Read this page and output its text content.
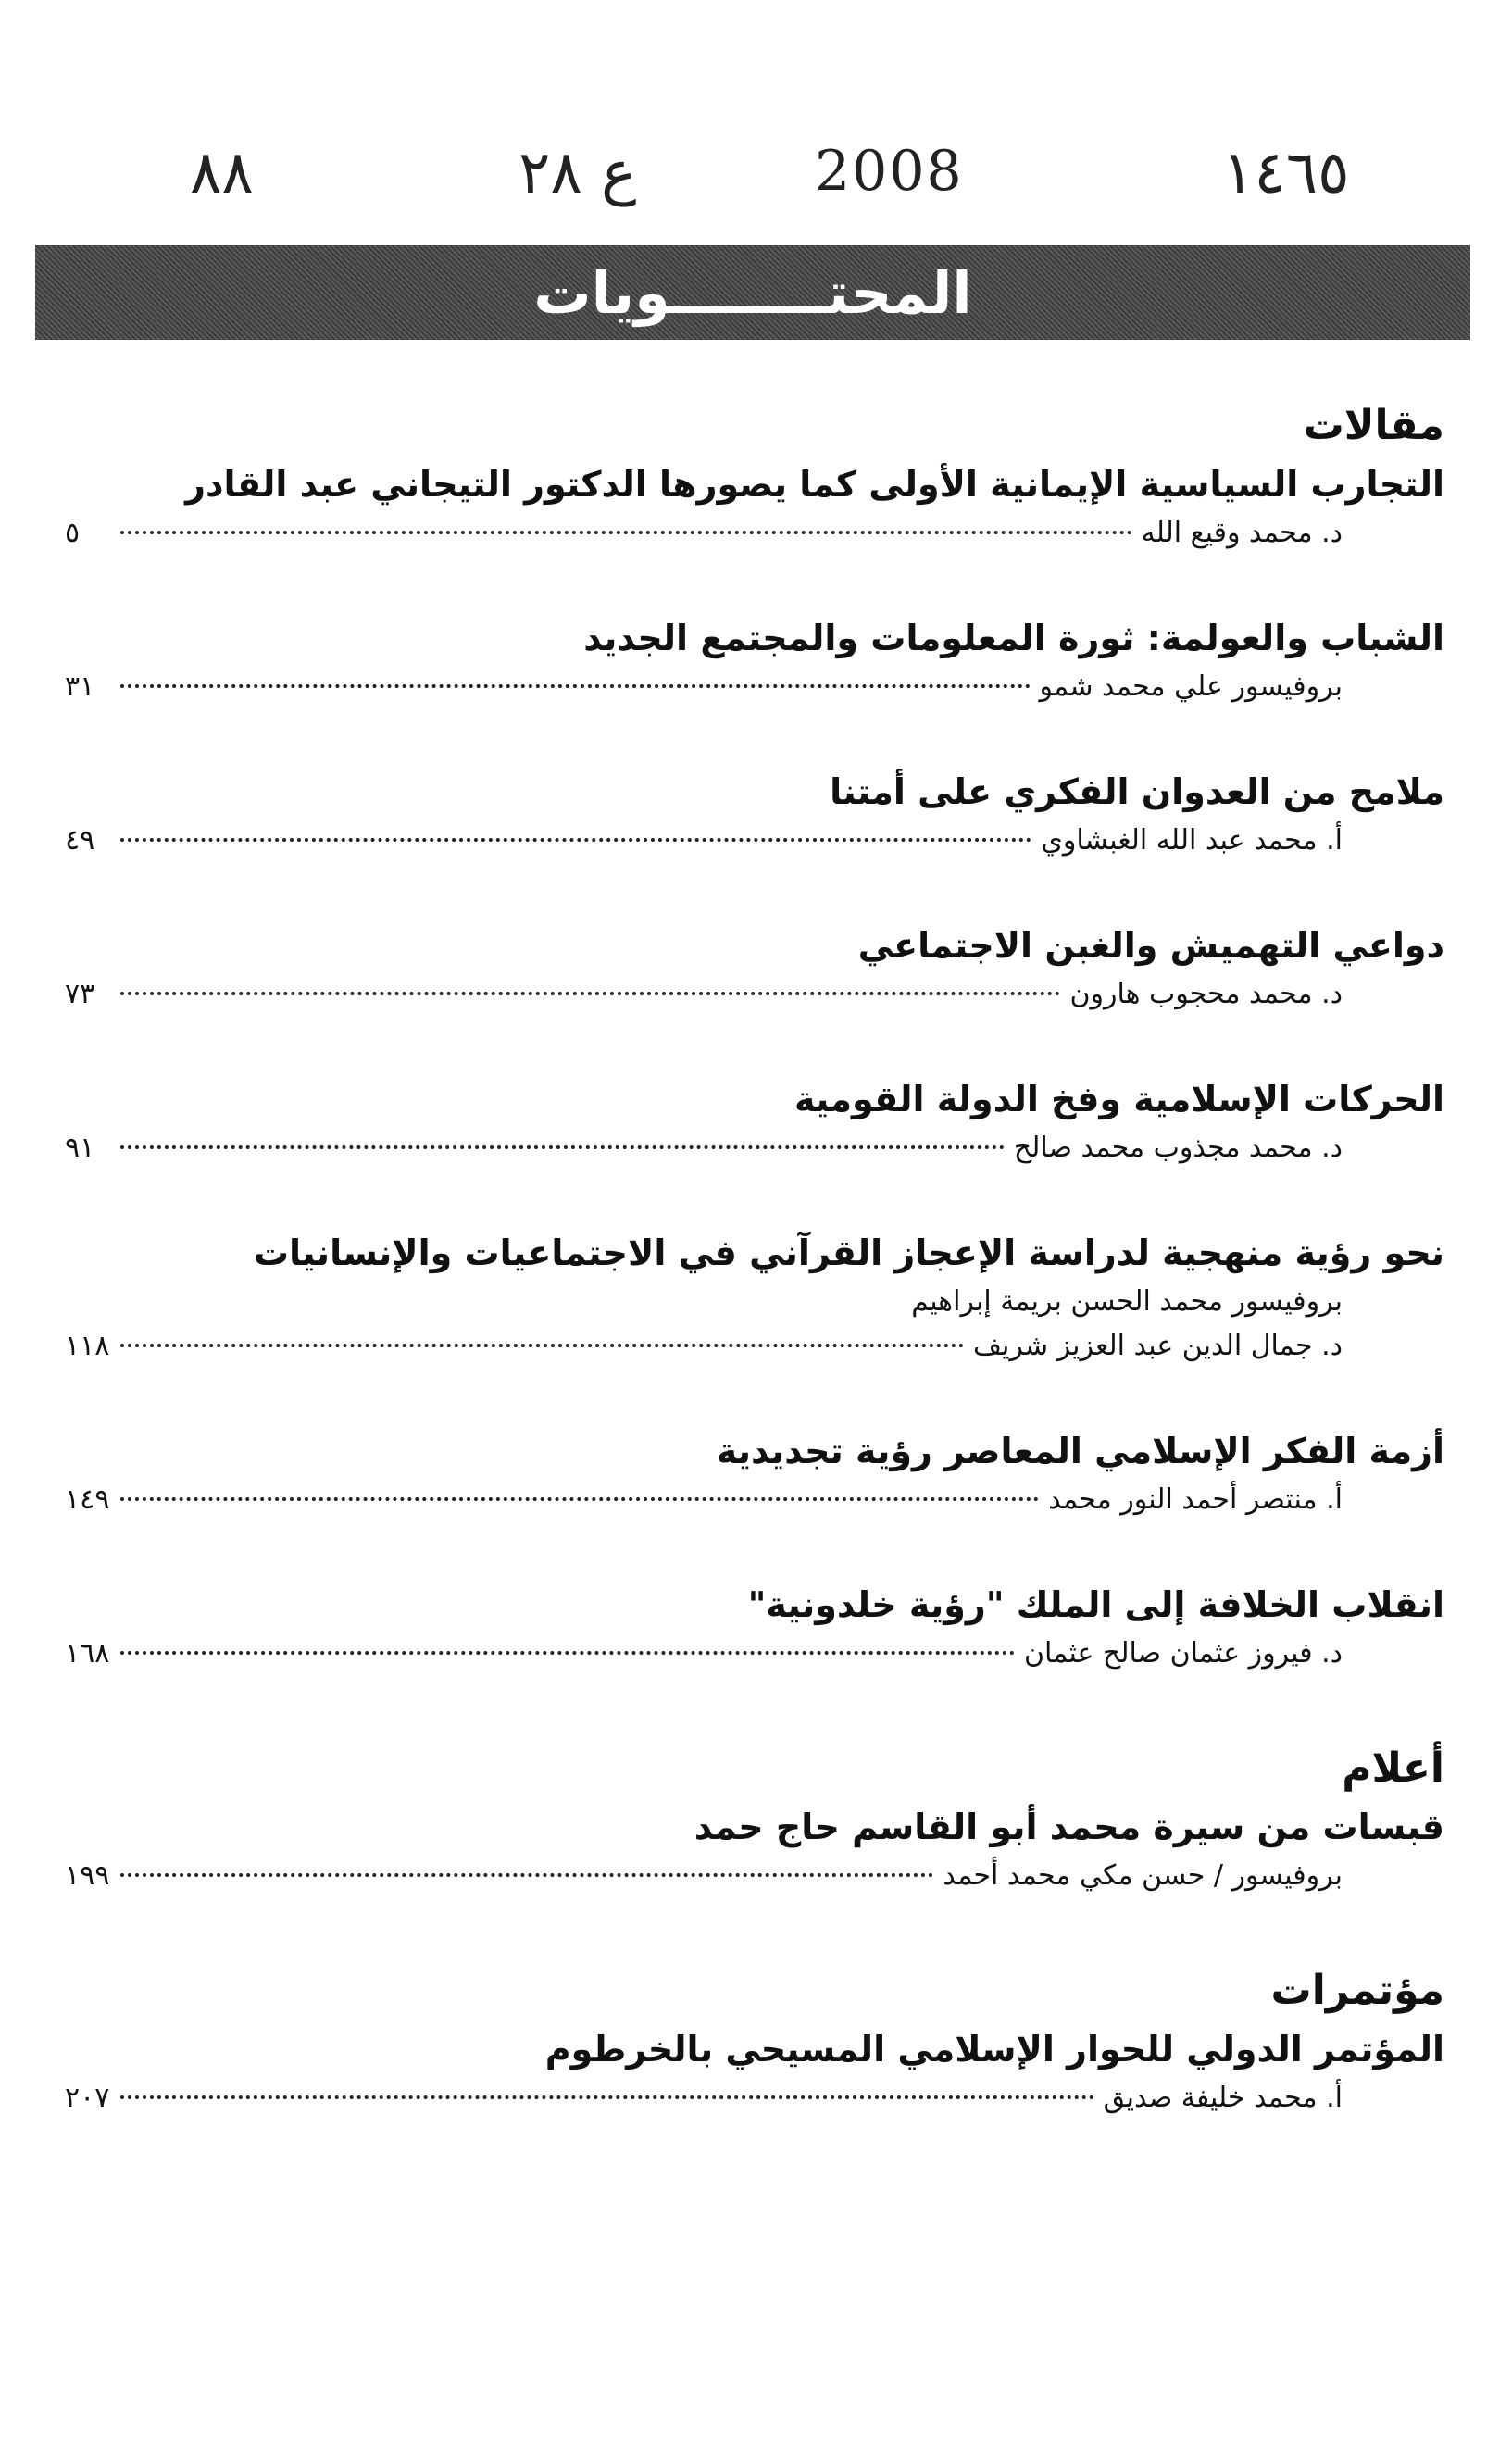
١٤٦٥
2008
ع ٢٨
٨٨
المحتــــــــويات
مقالات
التجارب السياسية الإيمانية الأولى كما يصورها الدكتور التيجاني عبد القادر
د. محمد وقيع الله
٥
الشباب والعولمة: ثورة المعلومات والمجتمع الجديد
بروفيسور علي محمد شمو
٣١
ملامح من العدوان الفكري على أمتنا
أ. محمد عبد الله الغبشاوي
٤٩
دواعي التهميش والغبن الاجتماعي
د. محمد محجوب هارون
٧٣
الحركات الإسلامية وفخ الدولة القومية
د. محمد مجذوب محمد صالح
٩١
نحو رؤية منهجية لدراسة الإعجاز القرآني في الاجتماعيات والإنسانيات
بروفيسور محمد الحسن بريمة إبراهيم
د. جمال الدين عبد العزيز شريف
١١٨
أزمة الفكر الإسلامي المعاصر رؤية تجديدية
أ. منتصر أحمد النور محمد
١٤٩
انقلاب الخلافة إلى الملك "رؤية خلدونية"
د. فيروز عثمان صالح عثمان
١٦٨
أعلام
قبسات من سيرة محمد أبو القاسم حاج حمد
بروفيسور / حسن مكي محمد أحمد
١٩٩
مؤتمرات
المؤتمر الدولي للحوار الإسلامي المسيحي بالخرطوم
أ. محمد خليفة صديق
٢٠٧
